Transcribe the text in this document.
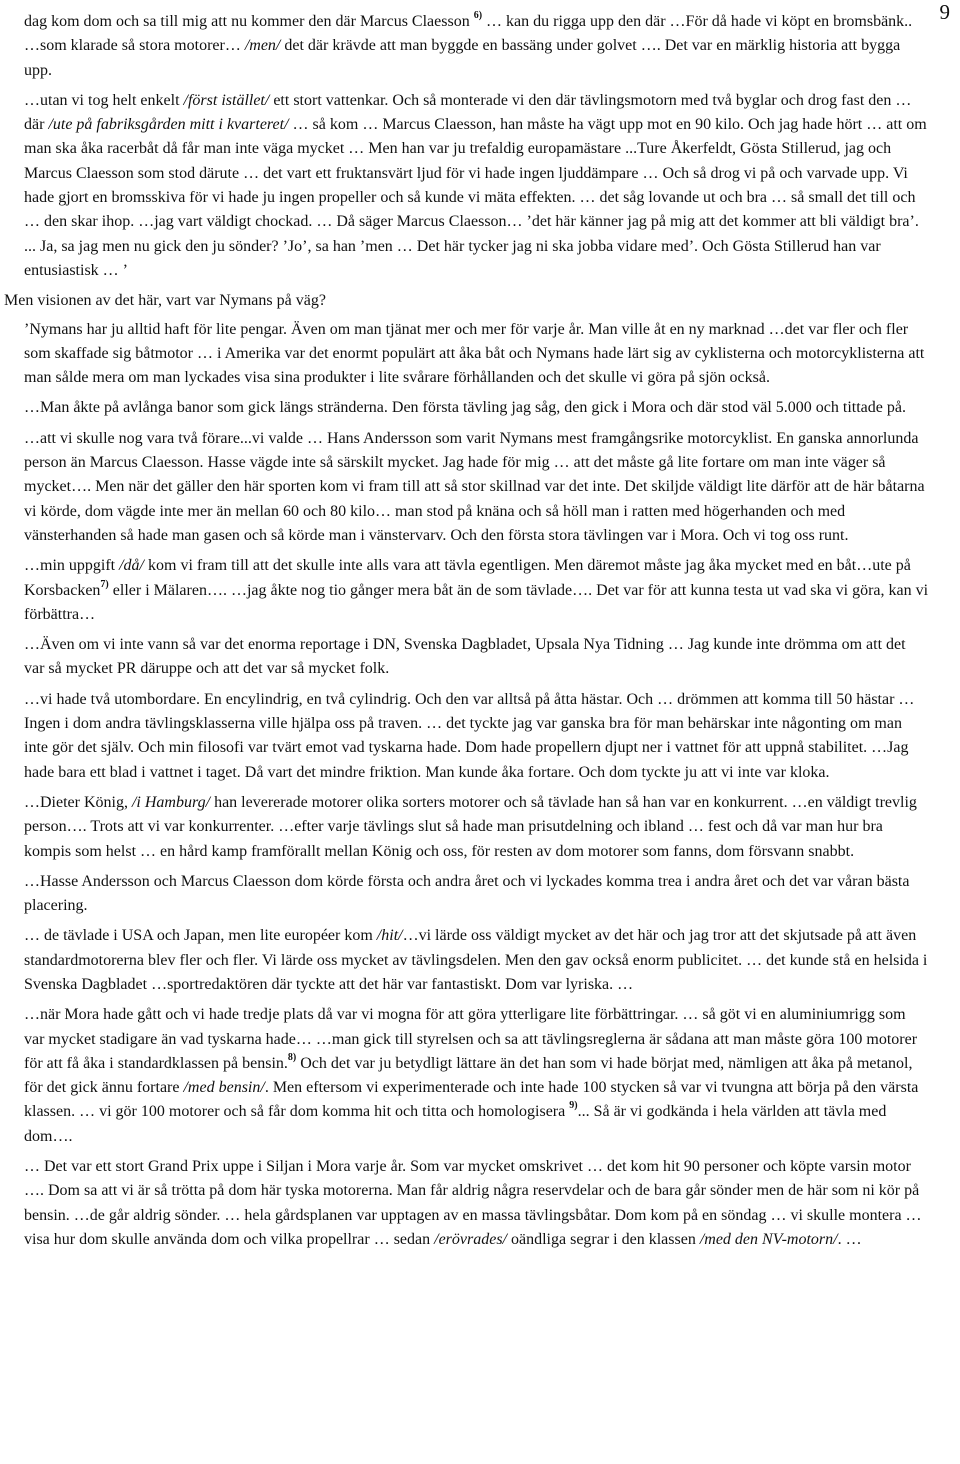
9

dag kom dom och sa till mig att nu kommer den där Marcus Claesson $^{6)}$ … kan du rigga upp den där …För då hade vi köpt en bromsbänk.. …som klarade så stora motorer… /men/ det där krävde att man byggde en bassäng under golvet …. Det var en märklig historia att bygga upp.

…utan vi tog helt enkelt /först istället/ ett stort vattenkar. Och så monterade vi den där tävlingsmotorn med två byglar och drog fast den … där /ute på fabriksgården mitt i kvarteret/ … så kom … Marcus Claesson, han måste ha vägt upp mot en 90 kilo. Och jag hade hört … att om man ska åka racerbåt då får man inte väga mycket … Men han var ju trefaldig europamästare ...Ture Åkerfeldt, Gösta Stillerud, jag och Marcus Claesson som stod därute … det vart ett fruktansvärt ljud för vi hade ingen ljuddämpare … Och så drog vi på och varvade upp. Vi hade gjort en bromsskiva för vi hade ju ingen propeller och så kunde vi mäta effekten. … det såg lovande ut och bra … så small det till och … den skar ihop. …jag vart väldigt chockad. … Då säger Marcus Claesson… ’det här känner jag på mig att det kommer att bli väldigt bra’. ... Ja, sa jag men nu gick den ju sönder? ’Jo’, sa han ’men … Det här tycker jag ni ska jobba vidare med’. Och Gösta Stillerud han var entusiastisk … ’

Men visionen av det här, vart var Nymans på väg?

’Nymans har ju alltid haft för lite pengar. Även om man tjänat mer och mer för varje år. Man ville åt en ny marknad …det var fler och fler som skaffade sig båtmotor … i Amerika var det enormt populärt att åka båt och Nymans hade lärt sig av cyklisterna och motorcyklisterna att man sålde mera om man lyckades visa sina produkter i lite svårare förhållanden och det skulle vi göra på sjön också.

…Man åkte på avlånga banor som gick längs stränderna. Den första tävling jag såg, den gick i Mora och där stod väl 5.000 och tittade på.

…att vi skulle nog vara två förare...vi valde … Hans Andersson som varit Nymans mest framgångsrike motorcyklist. En ganska annorlunda person än Marcus Claesson. Hasse vägde inte så särskilt mycket. Jag hade för mig … att det måste gå lite fortare om man inte väger så mycket…. Men när det gäller den här sporten kom vi fram till att så stor skillnad var det inte. Det skiljde väldigt lite därför att de här båtarna vi körde, dom vägde inte mer än mellan 60 och 80 kilo… man stod på knäna och så höll man i ratten med högerhanden och med vänsterhanden så hade man gasen och så körde man i vänstervarv. Och den första stora tävlingen var i Mora. Och vi tog oss runt.

…min uppgift /då/ kom vi fram till att det skulle inte alls vara att tävla egentligen. Men däremot måste jag åka mycket med en båt…ute på Korsbacken$^{7)}$ eller i Mälaren…. …jag åkte nog tio gånger mera båt än de som tävlade…. Det var för att kunna testa ut vad ska vi göra, kan vi förbättra…

…Även om vi inte vann så var det enorma reportage i DN, Svenska Dagbladet, Upsala Nya Tidning … Jag kunde inte drömma om att det var så mycket PR däruppe och att det var så mycket folk.

…vi hade två utombordare. En encylindrig, en två cylindrig. Och den var alltså på åtta hästar. Och … drömmen att komma till 50 hästar … Ingen i dom andra tävlingsklasserna ville hjälpa oss på traven. … det tyckte jag var ganska bra för man behärskar inte någonting om man inte gör det själv. Och min filosofi var tvärt emot vad tyskarna hade. Dom hade propellern djupt ner i vattnet för att uppnå stabilitet. …Jag hade bara ett blad i vattnet i taget. Då vart det mindre friktion. Man kunde åka fortare. Och dom tyckte ju att vi inte var kloka.

…Dieter König, /i Hamburg/ han levererade motorer olika sorters motorer och så tävlade han så han var en konkurrent. …en väldigt trevlig person…. Trots att vi var konkurrenter. …efter varje tävlings slut så hade man prisutdelning och ibland … fest och då var man hur bra kompis som helst … en hård kamp framförallt mellan König och oss, för resten av dom motorer som fanns, dom försvann snabbt.

…Hasse Andersson och Marcus Claesson dom körde första och andra året och vi lyckades komma trea i andra året och det var våran bästa placering.

… de tävlade i USA och Japan, men lite européer kom /hit/…vi lärde oss väldigt mycket av det här och jag tror att det skjutsade på att även standardmotorerna blev fler och fler. Vi lärde oss mycket av tävlingsdelen. Men den gav också enorm publicitet. … det kunde stå en helsida i Svenska Dagbladet …sportredaktören där tyckte att det här var fantastiskt. Dom var lyriska. …

…när Mora hade gått och vi hade tredje plats då var vi mogna för att göra ytterligare lite förbättringar. … så göt vi en aluminiumrigg som var mycket stadigare än vad tyskarna hade… …man gick till styrelsen och sa att tävlingsreglerna är sådana att man måste göra 100 motorer för att få åka i standardklassen på bensin.$^{8)}$ Och det var ju betydligt lättare än det han som vi hade börjat med, nämligen att åka på metanol, för det gick ännu fortare /med bensin/. Men eftersom vi experimenterade och inte hade 100 stycken så var vi tvungna att börja på den värsta klassen. … vi gör 100 motorer och så får dom komma hit och titta och homologisera $^{9)}$... Så är vi godkända i hela världen att tävla med dom….

… Det var ett stort Grand Prix uppe i Siljan i Mora varje år. Som var mycket omskrivet … det kom hit 90 personer och köpte varsin motor …. Dom sa att vi är så trötta på dom här tyska motorerna. Man får aldrig några reservdelar och de bara går sönder men de här som ni kör på bensin. …de går aldrig sönder. … hela gårdsplanen var upptagen av en massa tävlingsbåtar. Dom kom på en söndag … vi skulle montera … visa hur dom skulle använda dom och vilka propellrar … sedan /erövrades/ oändliga segrar i den klassen /med den NV-motorn/. …
